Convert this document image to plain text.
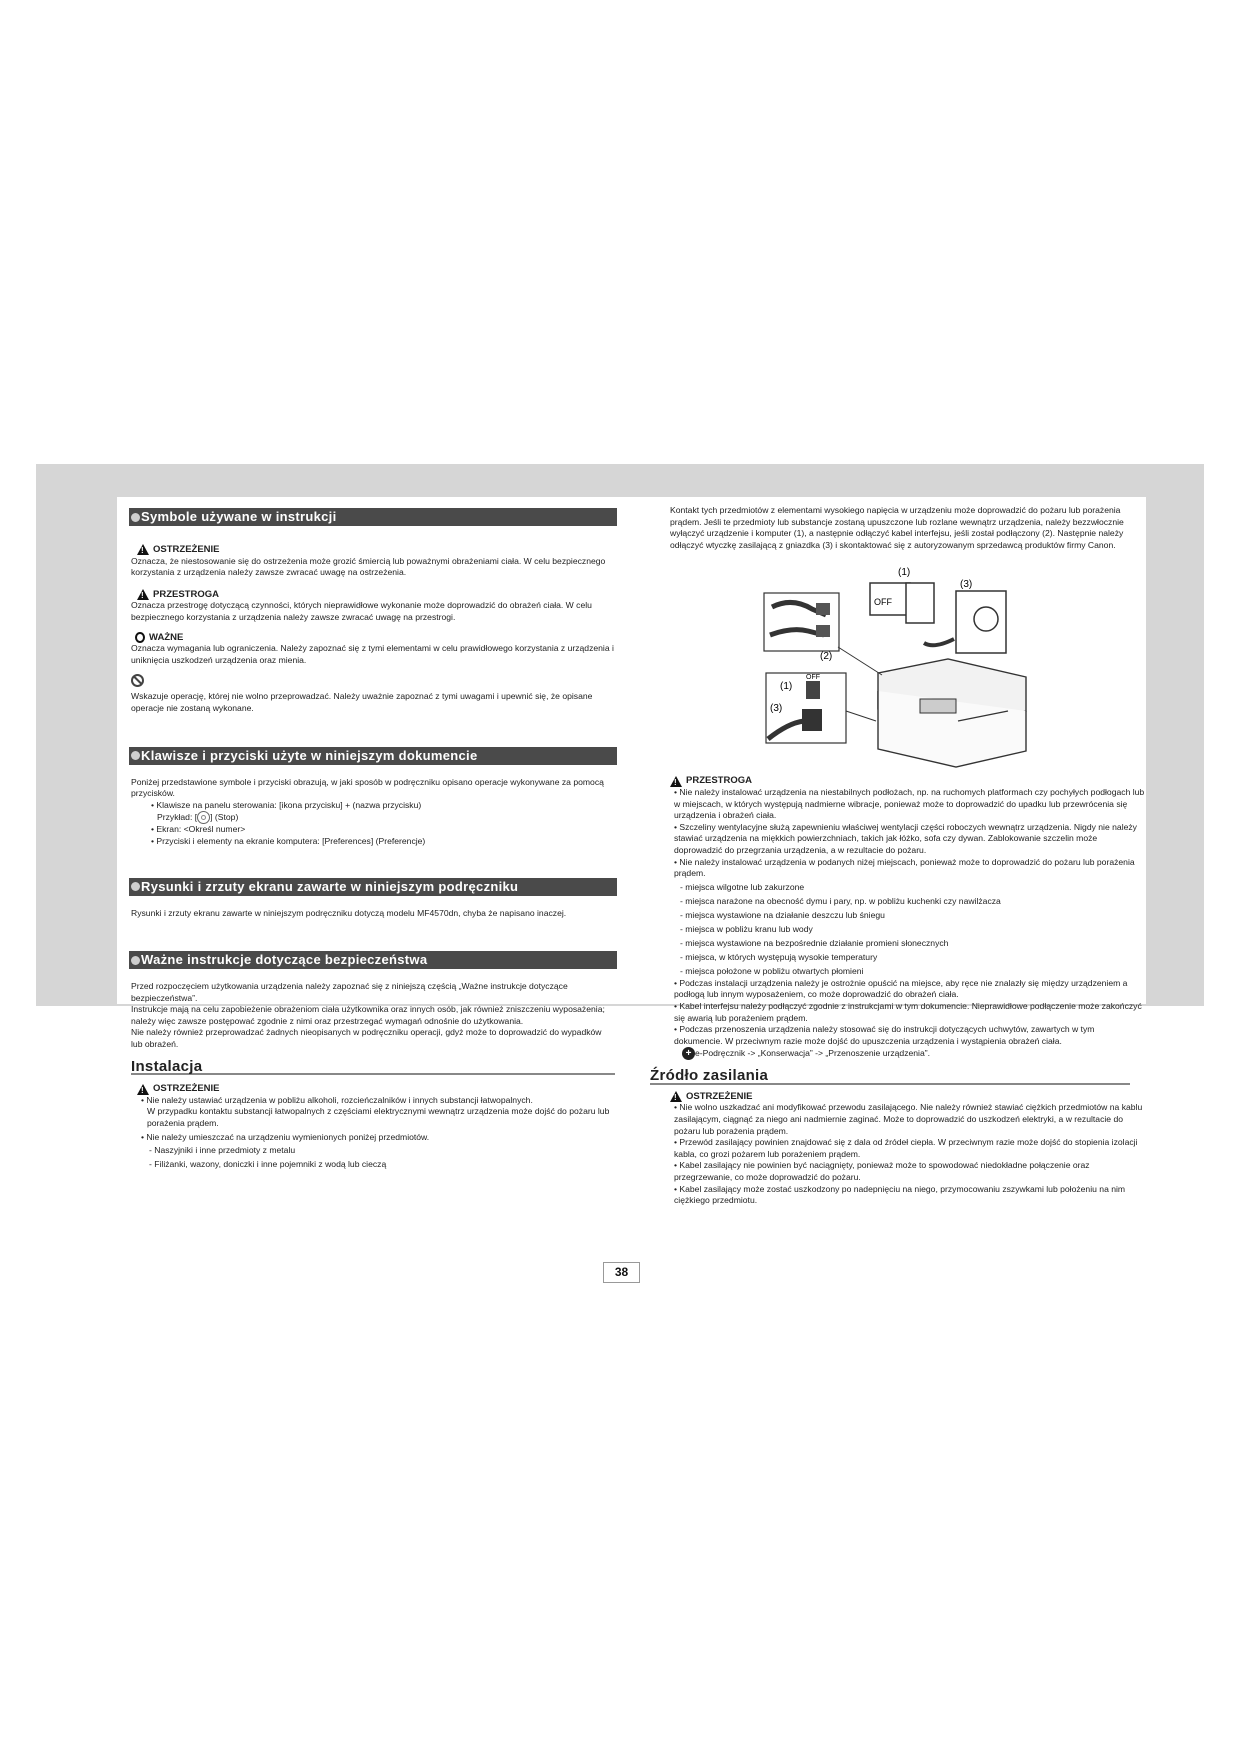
38
Symbole używane w instrukcji
!
OSTRZEŻENIE

Oznacza, że niestosowanie się do ostrzeżenia może grozić śmiercią lub poważnymi obrażeniami ciała. W celu bezpiecznego korzystania z urządzenia należy zawsze zwracać uwagę na ostrzeżenia.

!
PRZESTROGA

Oznacza przestrogę dotyczącą czynności, których nieprawidłowe wykonanie może doprowadzić do obrażeń ciała. W celu bezpiecznego korzystania z urządzenia należy zawsze zwracać uwagę na przestrogi.

WAŻNE

Oznacza wymagania lub ograniczenia. Należy zapoznać się z tymi elementami w celu prawidłowego korzystania z urządzenia i uniknięcia uszkodzeń urządzenia oraz mienia.

Wskazuje operację, której nie wolno przeprowadzać. Należy uważnie zapoznać z tymi uwagami i upewnić się, że opisane operacje nie zostaną wykonane.

Klawisze i przyciski użyte w niniejszym dokumencie

Poniżej przedstawione symbole i przyciski obrazują, w jaki sposób w podręczniku opisano operacje wykonywane za pomocą przycisków.

• Klawisze na panelu sterowania: [ikona przycisku] + (nazwa przycisku)

Przykład: [ ] (Stop)

• Ekran: <Określ numer>

• Przyciski i elementy na ekranie komputera: [Preferences] (Preferencje)

Rysunki i zrzuty ekranu zawarte w niniejszym podręczniku

Rysunki i zrzuty ekranu zawarte w niniejszym podręczniku dotyczą modelu MF4570dn, chyba że napisano inaczej.

Ważne instrukcje dotyczące bezpieczeństwa

Przed rozpoczęciem użytkowania urządzenia należy zapoznać się z niniejszą częścią „Ważne instrukcje dotyczące bezpieczeństwa”.

Instrukcje mają na celu zapobieżenie obrażeniom ciała użytkownika oraz innych osób, jak również zniszczeniu wyposażenia; należy więc zawsze postępować zgodnie z nimi oraz przestrzegać wymagań odnośnie do użytkowania.

Nie należy również przeprowadzać żadnych nieopisanych w podręczniku operacji, gdyż może to doprowadzić do wypadków lub obrażeń.

Instalacja
!
OSTRZEŻENIE

• Nie należy ustawiać urządzenia w pobliżu alkoholi, rozcieńczalników i innych substancji łatwopalnych.

W przypadku kontaktu substancji łatwopalnych z częściami elektrycznymi wewnątrz urządzenia może dojść do pożaru lub porażenia prądem.

• Nie należy umieszczać na urządzeniu wymienionych poniżej przedmiotów.

- Naszyjniki i inne przedmioty z metalu

- Filiżanki, wazony, doniczki i inne pojemniki z wodą lub cieczą

Kontakt tych przedmiotów z elementami wysokiego napięcia w urządzeniu może doprowadzić do pożaru lub porażenia prądem. Jeśli te przedmioty lub substancje zostaną upuszczone lub rozlane wewnątrz urządzenia, należy bezzwłocznie wyłączyć urządzenie i komputer (1), a następnie odłączyć kabel interfejsu, jeśli został podłączony (2). Następnie należy odłączyć wtyczkę zasilającą z gniazdka (3) i skontaktować się z autoryzowanym sprzedawcą produktów firmy Canon.

(2)
(1)
OFF
(3)
(1)
OFF
(3)
!
PRZESTROGA

• Nie należy instalować urządzenia na niestabilnych podłożach, np. na ruchomych platformach czy pochyłych podłogach lub w miejscach, w których występują nadmierne wibracje, ponieważ może to doprowadzić do upadku lub przewrócenia się urządzenia i obrażeń ciała.

• Szczeliny wentylacyjne służą zapewnieniu właściwej wentylacji części roboczych wewnątrz urządzenia. Nigdy nie należy stawiać urządzenia na miękkich powierzchniach, takich jak łóżko, sofa czy dywan. Zablokowanie szczelin może doprowadzić do przegrzania urządzenia, a w rezultacie do pożaru.

• Nie należy instalować urządzenia w podanych niżej miejscach, ponieważ może to doprowadzić do pożaru lub porażenia prądem.

- miejsca wilgotne lub zakurzone

- miejsca narażone na obecność dymu i pary, np. w pobliżu kuchenki czy nawilżacza

- miejsca wystawione na działanie deszczu lub śniegu

- miejsca w pobliżu kranu lub wody

- miejsca wystawione na bezpośrednie działanie promieni słonecznych

- miejsca, w których występują wysokie temperatury

- miejsca położone w pobliżu otwartych płomieni

• Podczas instalacji urządzenia należy je ostrożnie opuścić na miejsce, aby ręce nie znalazły się między urządzeniem a podłogą lub innym wyposażeniem, co może doprowadzić do obrażeń ciała.

• Kabel interfejsu należy podłączyć zgodnie z instrukcjami w tym dokumencie. Nieprawidłowe podłączenie może zakończyć się awarią lub porażeniem prądem.

• Podczas przenoszenia urządzenia należy stosować się do instrukcji dotyczących uchwytów, zawartych w tym dokumencie. W przeciwnym razie może dojść do upuszczenia urządzenia i wystąpienia obrażeń ciała.

+ e-Podręcznik -> „Konserwacja” -> „Przenoszenie urządzenia”.

Źródło zasilania
!
OSTRZEŻENIE

• Nie wolno uszkadzać ani modyfikować przewodu zasilającego. Nie należy również stawiać ciężkich przedmiotów na kablu zasilającym, ciągnąć za niego ani nadmiernie zaginać. Może to doprowadzić do uszkodzeń elektryki, a w rezultacie do pożaru lub porażenia prądem.

• Przewód zasilający powinien znajdować się z dala od źródeł ciepła. W przeciwnym razie może dojść do stopienia izolacji kabla, co grozi pożarem lub porażeniem prądem.

• Kabel zasilający nie powinien być naciągnięty, ponieważ może to spowodować niedokładne połączenie oraz przegrzewanie, co może doprowadzić do pożaru.

• Kabel zasilający może zostać uszkodzony po nadepnięciu na niego, przymocowaniu zszywkami lub położeniu na nim ciężkiego przedmiotu.
